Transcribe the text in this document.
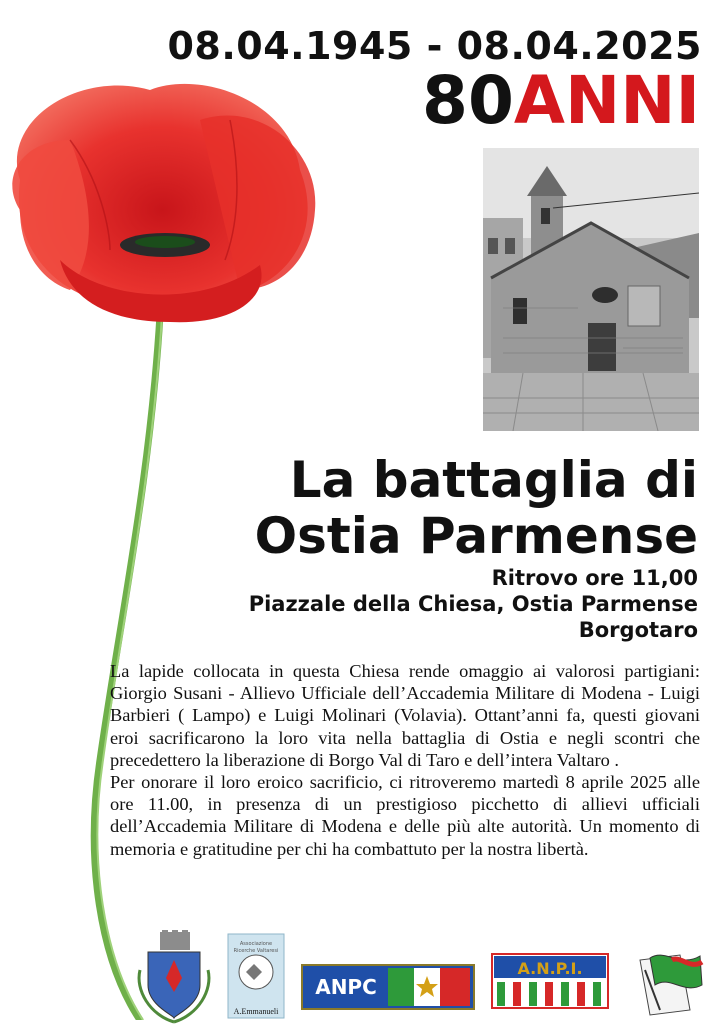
08.04.1945 - 08.04.2025
80ANNI
La battaglia di
Ostia Parmense
Ritrovo ore 11,00
Piazzale della Chiesa, Ostia Parmense
Borgotaro

La lapide collocata in questa Chiesa rende omaggio ai valorosi partigiani: Giorgio Susani - Allievo Ufficiale dell’Accademia Militare di Modena - Luigi Barbieri ( Lampo) e Luigi Molinari (Volavia). Ottant’anni fa, questi giovani eroi sacrificarono la loro vita nella battaglia di Ostia e negli scontri che precedettero la liberazione di Borgo Val di Taro e dell’intera Valtaro .

Per onorare il loro eroico sacrificio, ci ritroveremo martedì 8 aprile 2025 alle ore 11.00, in presenza di un prestigioso picchetto di allievi ufficiali dell’Accademia Militare di Modena e delle più alte autorità. Un momento di memoria e gratitudine per chi ha combattuto per la nostra libertà.

Associazione
Ricerche Valtaresi
A.Emmanueli
ANPC
A.N.P.I.
